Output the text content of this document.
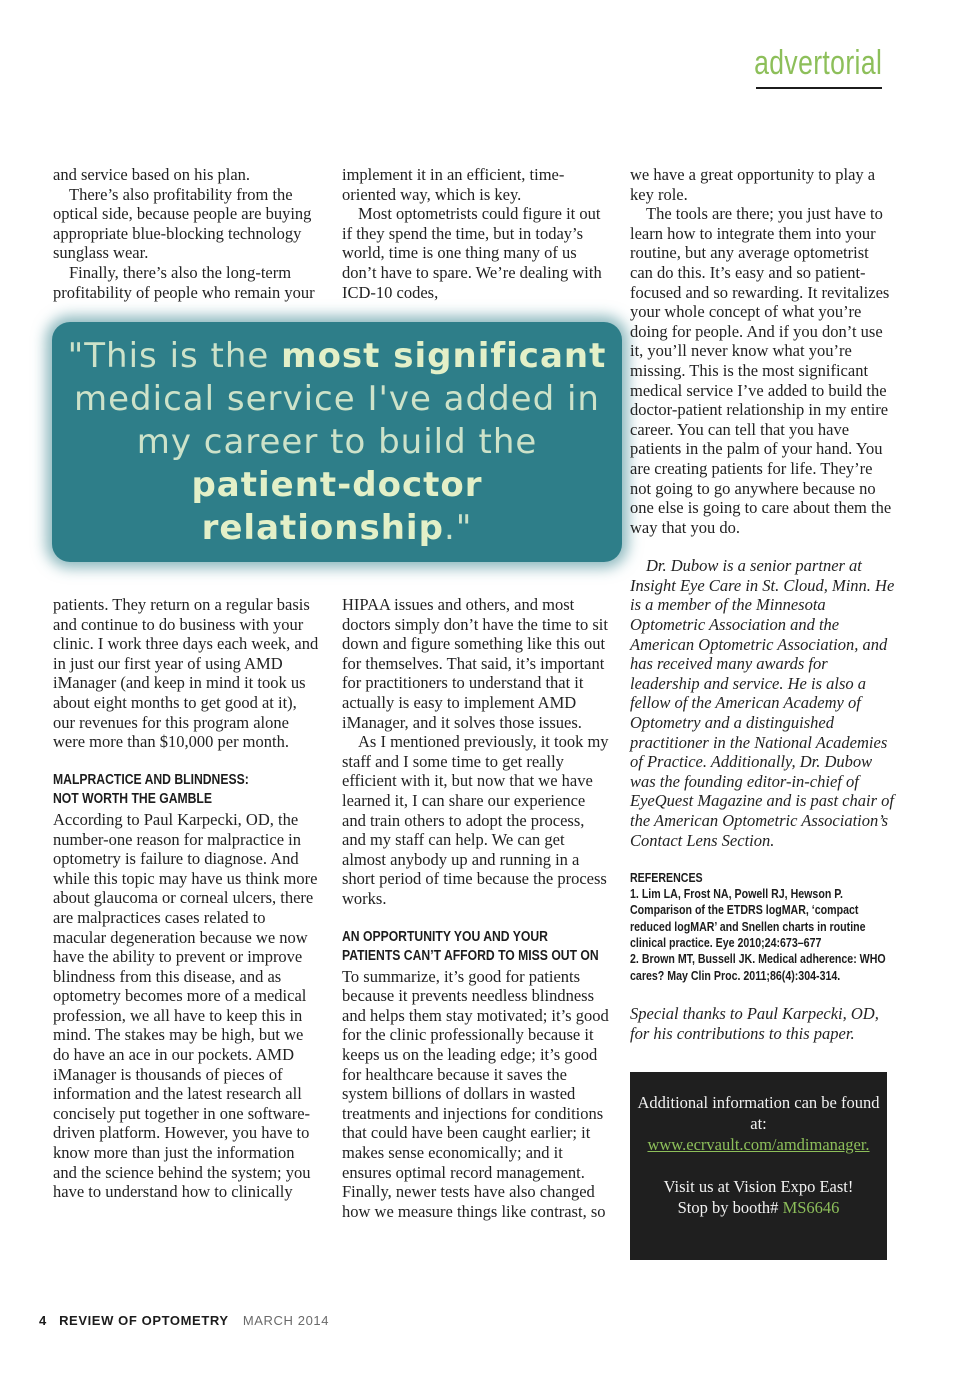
advertorial

and service based on his plan.

There’s also profitability from the optical side, because people are buying appropriate blue-blocking technology sunglass wear.

Finally, there’s also the long-term profitability of people who remain your

implement it in an efficient, time-oriented way, which is key.

Most optometrists could figure it out if they spend the time, but in today’s world, time is one thing many of us don’t have to spare. We’re dealing with ICD-10 codes,

"This is the most significant medical service I've added in my career to build the patient-doctor relationship."

we have a great opportunity to play a key role.

The tools are there; you just have to learn how to integrate them into your routine, but any average optometrist can do this. It’s easy and so patient-focused and so rewarding. It revitalizes your whole concept of what you’re doing for people. And if you don’t use it, you’ll never know what you’re missing. This is the most significant medical service I’ve added to build the doctor-patient relationship in my entire career. You can tell that you have patients in the palm of your hand. You are creating patients for life. They’re not going to go anywhere because no one else is going to care about them the way that you do.

Dr. Dubow is a senior partner at Insight Eye Care in St. Cloud, Minn. He is a member of the Minnesota Optometric Association and the American Optometric Association, and has received many awards for leadership and service. He is also a fellow of the American Academy of Optometry and a distinguished practitioner in the National Academies of Practice. Additionally, Dr. Dubow was the founding editor-in-chief of EyeQuest Magazine and is past chair of the American Optometric Association’s Contact Lens Section.

REFERENCES

1. Lim LA, Frost NA, Powell RJ, Hewson P. Comparison of the ETDRS logMAR, ‘compact reduced logMAR’ and Snellen charts in routine clinical practice. Eye 2010;24:673–677

2. Brown MT, Bussell JK. Medical adherence: WHO cares? May Clin Proc. 2011;86(4):304-314.

Special thanks to Paul Karpecki, OD, for his contributions to this paper.

patients. They return on a regular basis and continue to do business with your clinic. I work three days each week, and in just our first year of using AMD iManager (and keep in mind it took us about eight months to get good at it), our revenues for this program alone were more than $10,000 per month.

MALPRACTICE AND BLINDNESS:
NOT WORTH THE GAMBLE

According to Paul Karpecki, OD, the number-one reason for malpractice in optometry is failure to diagnose. And while this topic may have us think more about glaucoma or corneal ulcers, there are malpractices cases related to macular degeneration because we now have the ability to prevent or improve blindness from this disease, and as optometry becomes more of a medical profession, we all have to keep this in mind. The stakes may be high, but we do have an ace in our pockets. AMD iManager is thousands of pieces of information and the latest research all concisely put together in one software-driven platform. However, you have to know more than just the information and the science behind the system; you have to understand how to clinically

HIPAA issues and others, and most doctors simply don’t have the time to sit down and figure something like this out for themselves. That said, it’s important for practitioners to understand that it actually is easy to implement AMD iManager, and it solves those issues.

As I mentioned previously, it took my staff and I some time to get really efficient with it, but now that we have learned it, I can share our experience and train others to adopt the process, and my staff can help. We can get almost anybody up and running in a short period of time because the process works.

AN OPPORTUNITY YOU AND YOUR
PATIENTS CAN’T AFFORD TO MISS OUT ON

To summarize, it’s good for patients because it prevents needless blindness and helps them stay motivated; it’s good for the clinic professionally because it keeps us on the leading edge; it’s good for healthcare because it saves the system billions of dollars in wasted treatments and injections for conditions that could have been caught earlier; it makes sense economically; and it ensures optimal record management. Finally, newer tests have also changed how we measure things like contrast, so

Additional information can be found at:
www.ecrvault.com/amdimanager.
Visit us at Vision Expo East!
Stop by booth# MS6646
4 REVIEW OF OPTOMETRY MARCH 2014
